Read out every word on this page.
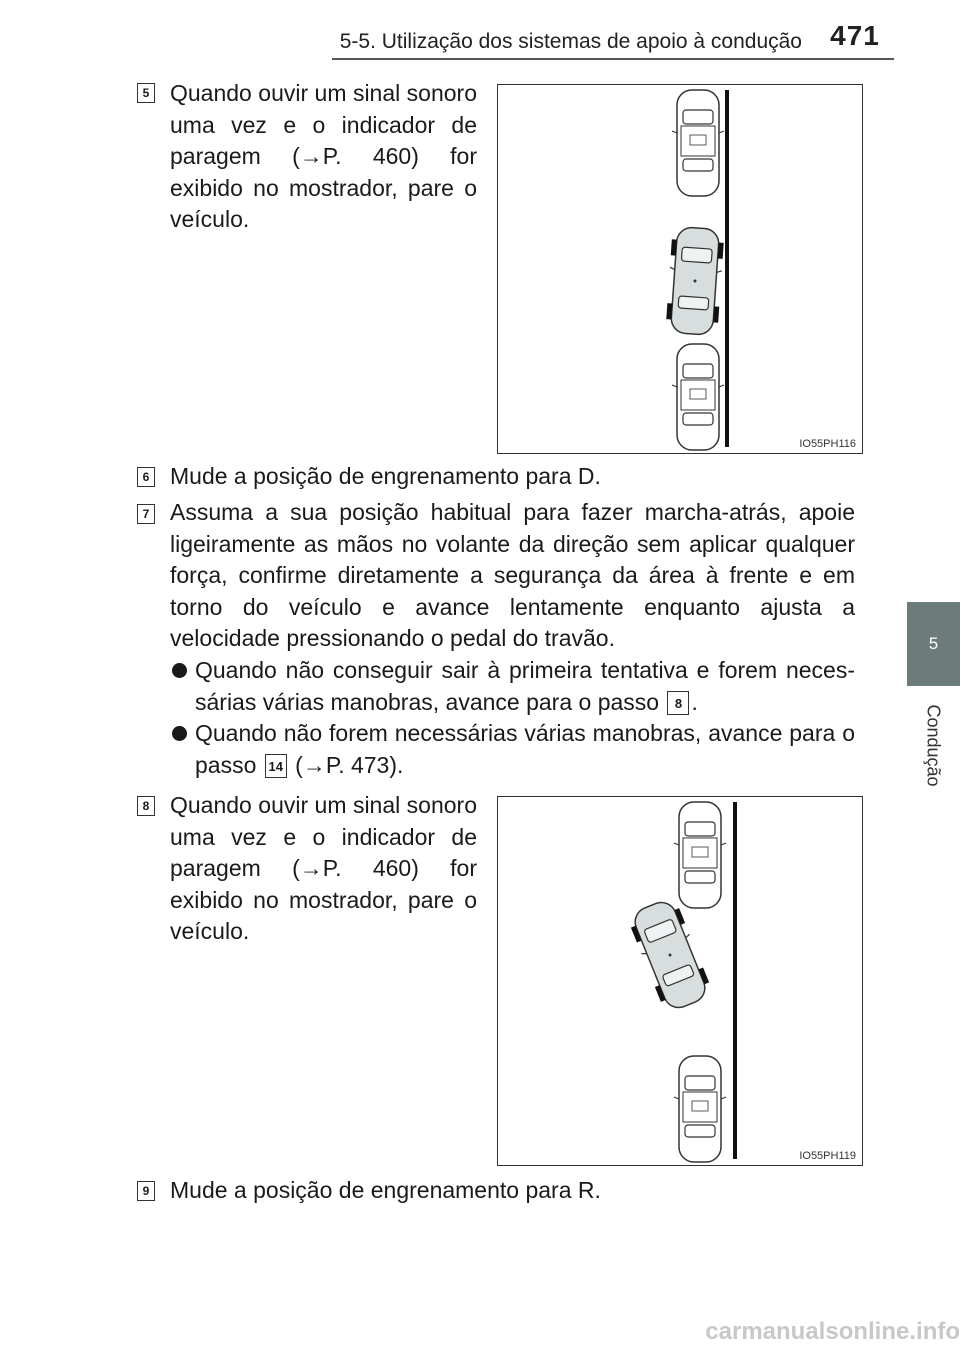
5-5. Utilização dos sistemas de apoio à condução	471
5
Condução
5 Quando ouvir um sinal sonoro uma vez e o indicador de paragem (→P. 460) for exibido no mostrador, pare o veículo.
IO55PH116
6 Mude a posição de engrenamento para D.
7 Assuma a sua posição habitual para fazer marcha-atrás, apoie ligeiramente as mãos no volante da direção sem aplicar qualquer força, confirme diretamente a segurança da área à frente e em torno do veículo e avance lentamente enquanto ajusta a velocidade pressionando o pedal do travão.
Quando não conseguir sair à primeira tentativa e forem necessárias várias manobras, avance para o passo 8 .
Quando não forem necessárias várias manobras, avance para o passo 14 (→P. 473).
8 Quando ouvir um sinal sonoro uma vez e o indicador de paragem (→P. 460) for exibido no mostrador, pare o veículo.
IO55PH119
9 Mude a posição de engrenamento para R.
carmanualsonline.info
